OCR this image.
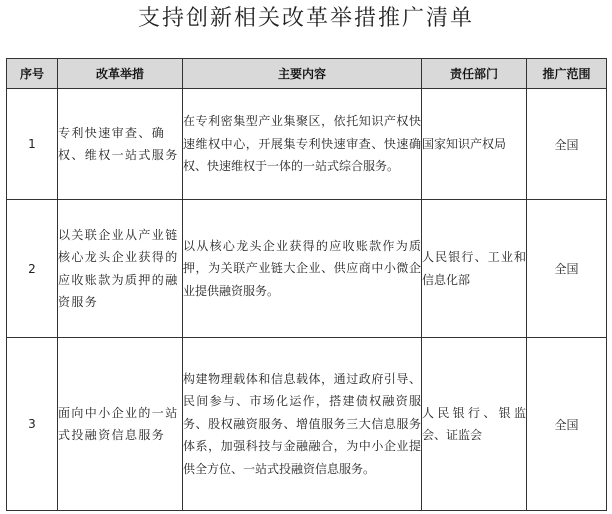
支持创新相关改革举措推广清单
序号	改革举措	主要内容	责任部门	推广范围
1	专利快速审查、确权、维权一站式服务	在专利密集型产业集聚区，依托知识产权快速维权中心，开展集专利快速审查、快速确权、快速维权于一体的一站式综合服务。	国家知识产权局	全国
2	以关联企业从产业链核心龙头企业获得的应收账款为质押的融资服务	以从核心龙头企业获得的应收账款作为质押，为关联产业链大企业、供应商中小微企业提供融资服务。	人民银行、工业和信息化部	全国
3	面向中小企业的一站式投融资信息服务	构建物理载体和信息载体，通过政府引导、民间参与、市场化运作，搭建债权融资服务、股权融资服务、增值服务三大信息服务体系，加强科技与金融融合，为中小企业提供全方位、一站式投融资信息服务。	人民银行、银监会、证监会	全国
